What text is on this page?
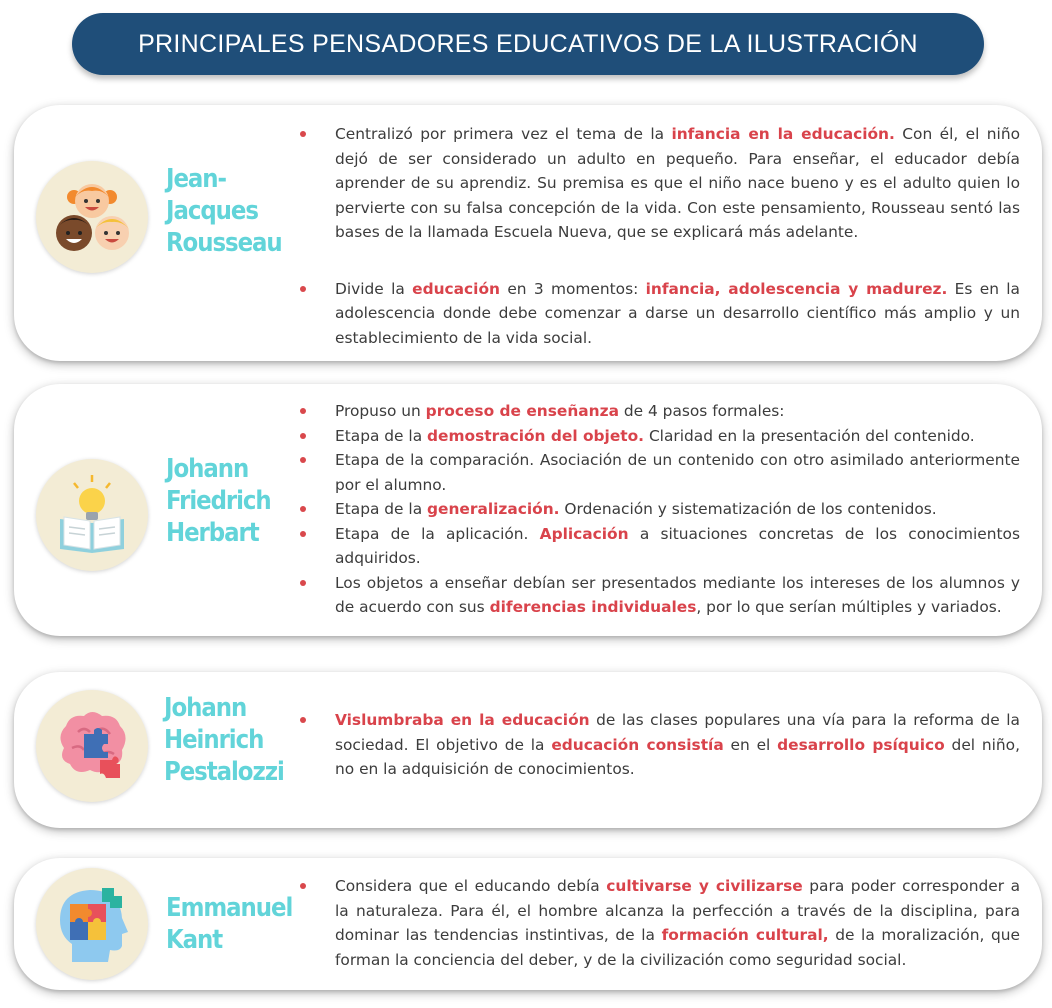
PRINCIPALES PENSADORES EDUCATIVOS DE LA ILUSTRACIÓN
Jean-
Jacques
Rousseau
Centralizó por primera vez el tema de la infancia en la educación. Con él, el niño dejó de ser considerado un adulto en pequeño. Para enseñar, el educador debía aprender de su aprendiz. Su premisa es que el niño nace bueno y es el adulto quien lo pervierte con su falsa concepción de la vida. Con este pensamiento, Rousseau sentó las bases de la llamada Escuela Nueva, que se explicará más adelante.
Divide la educación en 3 momentos: infancia, adolescencia y madurez. Es en la adolescencia donde debe comenzar a darse un desarrollo científico más amplio y un establecimiento de la vida social.
Johann
Friedrich
Herbart
Propuso un proceso de enseñanza de 4 pasos formales:
Etapa de la demostración del objeto. Claridad en la presentación del contenido.
Etapa de la comparación. Asociación de un contenido con otro asimilado anteriormente por el alumno.
Etapa de la generalización. Ordenación y sistematización de los contenidos.
Etapa de la aplicación. Aplicación a situaciones concretas de los conocimientos adquiridos.
Los objetos a enseñar debían ser presentados mediante los intereses de los alumnos y de acuerdo con sus diferencias individuales, por lo que serían múltiples y variados.
Johann
Heinrich
Pestalozzi
Vislumbraba en la educación de las clases populares una vía para la reforma de la sociedad. El objetivo de la educación consistía en el desarrollo psíquico del niño, no en la adquisición de conocimientos.
Emmanuel
Kant
Considera que el educando debía cultivarse y civilizarse para poder corresponder a la naturaleza. Para él, el hombre alcanza la perfección a través de la disciplina, para dominar las tendencias instintivas, de la formación cultural, de la moralización, que forman la conciencia del deber, y de la civilización como seguridad social.
